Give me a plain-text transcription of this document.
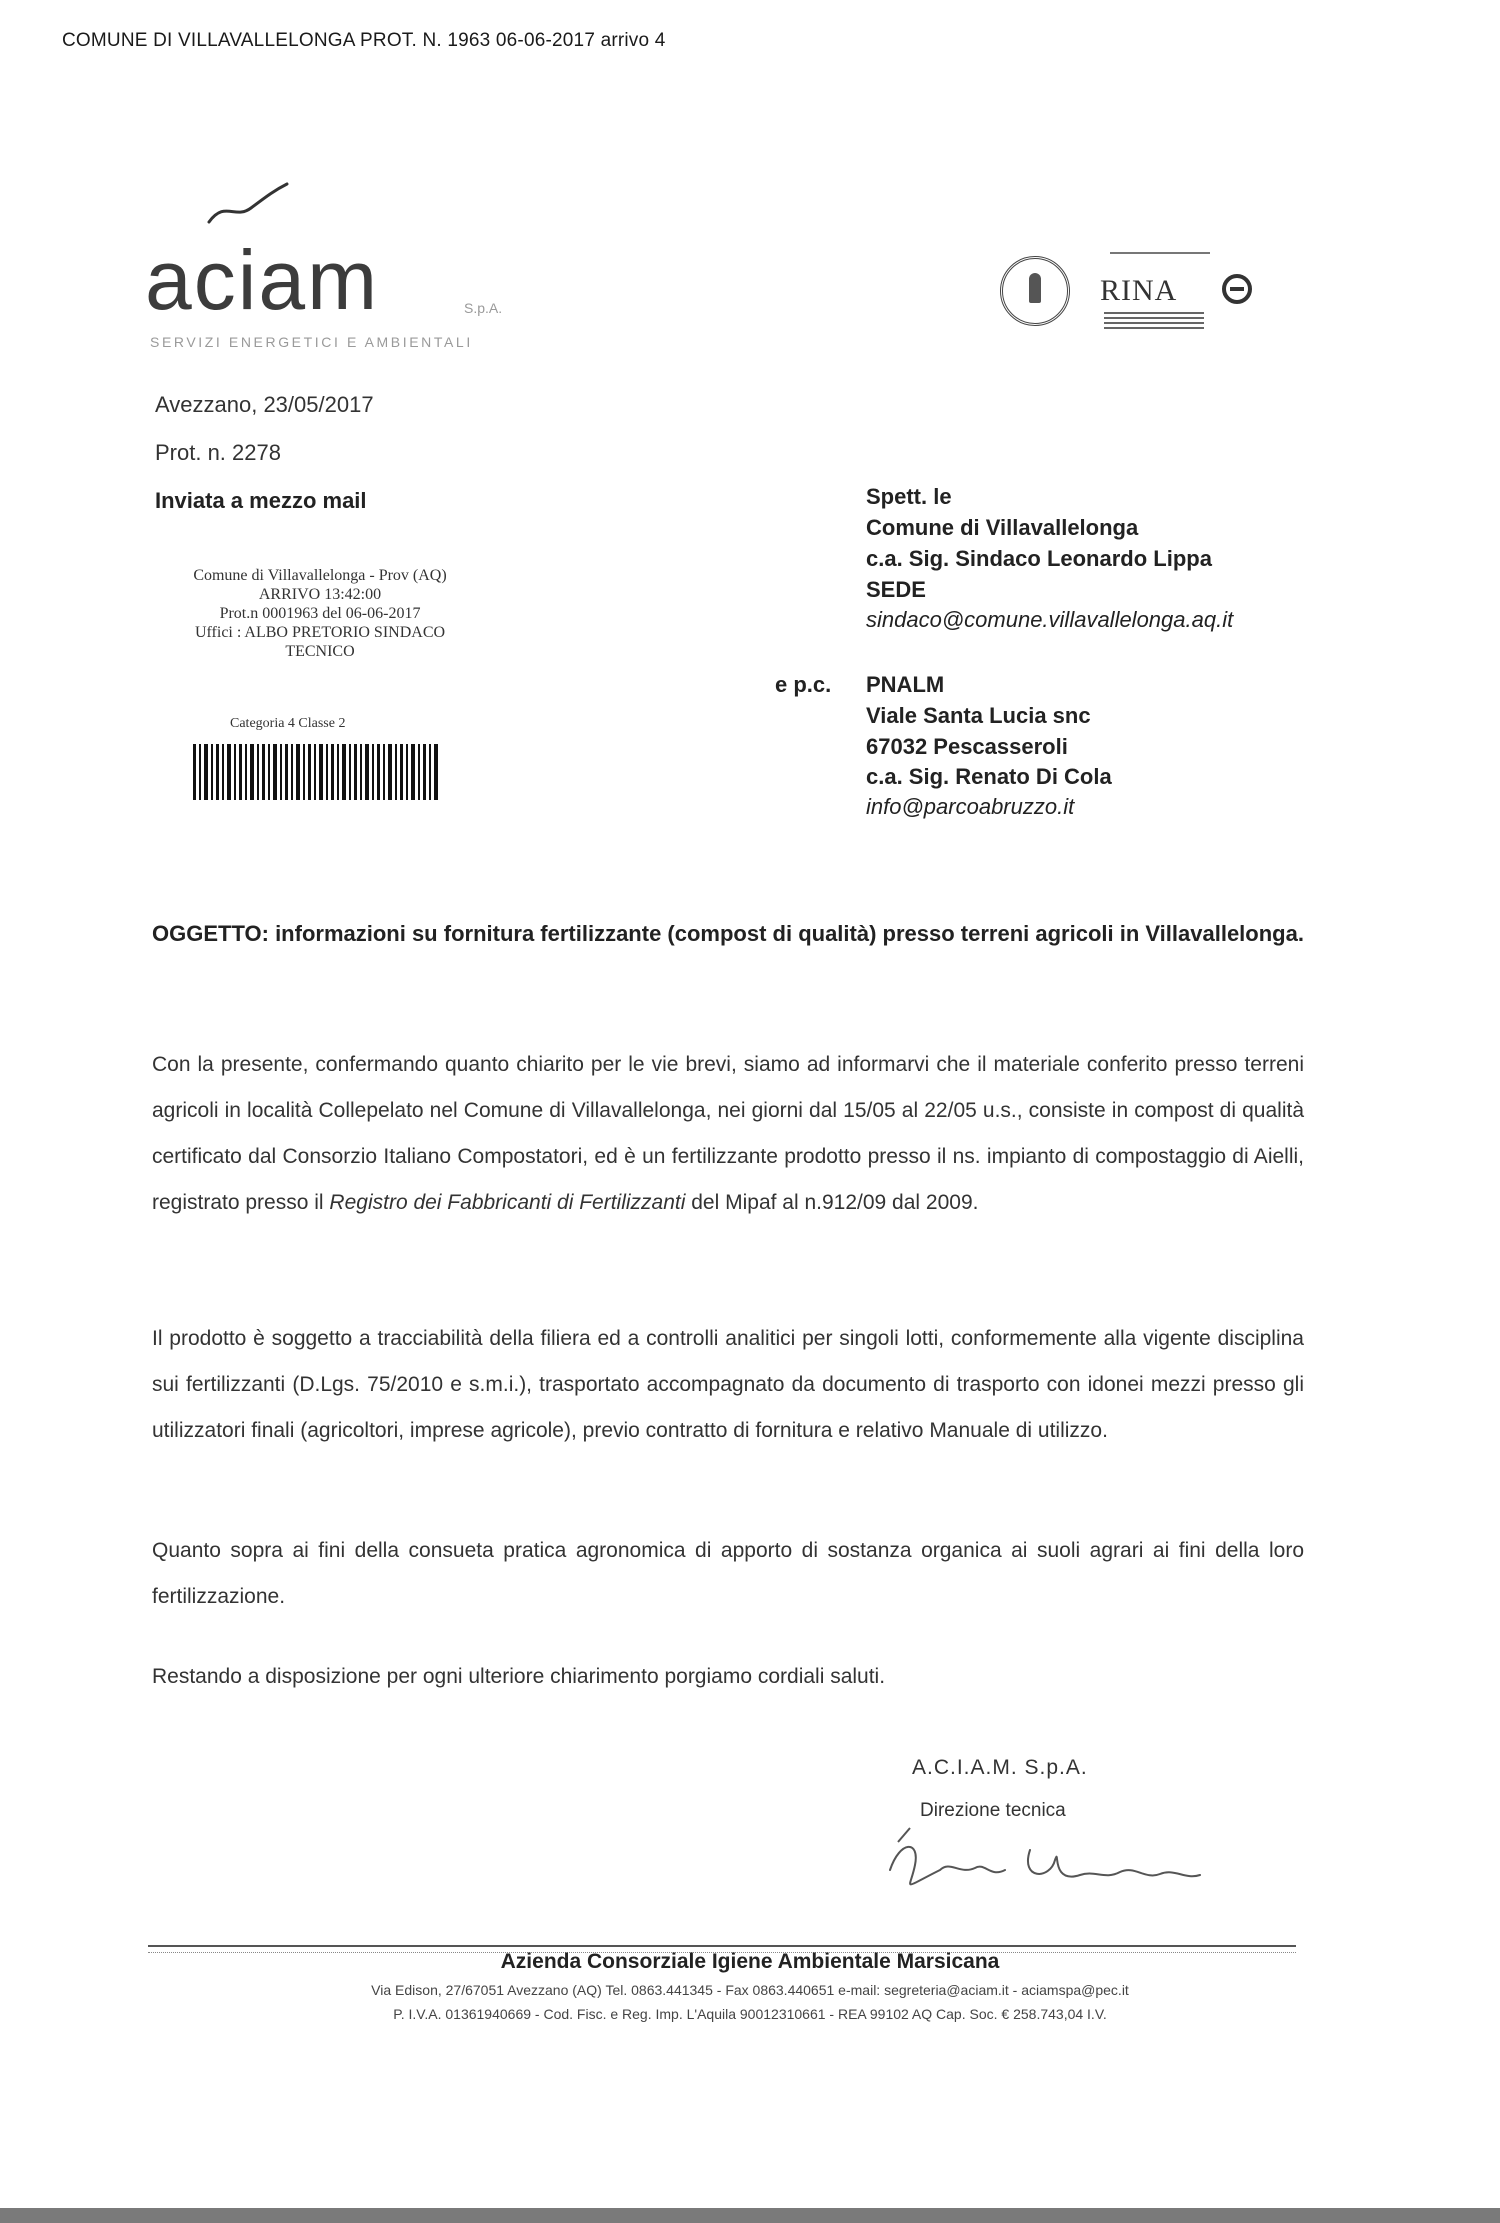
COMUNE DI VILLAVALLELONGA PROT. N. 1963 06-06-2017 arrivo 4
aciam	S.p.A.
SERVIZI ENERGETICI E AMBIENTALI
RINA
Avezzano, 23/05/2017
Prot. n. 2278
Inviata a mezzo mail
Comune di Villavallelonga - Prov (AQ)
ARRIVO 13:42:00
Prot.n 0001963 del 06-06-2017
Uffici : ALBO PRETORIO SINDACO
TECNICO
Categoria 4 Classe 2
Spett. le
Comune di Villavallelonga
c.a. Sig. Sindaco Leonardo Lippa
SEDE
sindaco@comune.villavallelonga.aq.it
e p.c. PNALM
Viale Santa Lucia snc
67032 Pescasseroli
c.a. Sig. Renato Di Cola
info@parcoabruzzo.it
OGGETTO: informazioni su fornitura fertilizzante (compost di qualità) presso terreni agricoli in Villavallelonga.
Con la presente, confermando quanto chiarito per le vie brevi, siamo ad informarvi che il materiale conferito presso terreni agricoli in località Collepelato nel Comune di Villavallelonga, nei giorni dal 15/05 al 22/05 u.s., consiste in compost di qualità certificato dal Consorzio Italiano Compostatori, ed è un fertilizzante prodotto presso il ns. impianto di compostaggio di Aielli, registrato presso il Registro dei Fabbricanti di Fertilizzanti del Mipaf al n.912/09 dal 2009.
Il prodotto è soggetto a tracciabilità della filiera ed a controlli analitici per singoli lotti, conformemente alla vigente disciplina sui fertilizzanti (D.Lgs. 75/2010 e s.m.i.), trasportato accompagnato da documento di trasporto con idonei mezzi presso gli utilizzatori finali (agricoltori, imprese agricole), previo contratto di fornitura e relativo Manuale di utilizzo.
Quanto sopra ai fini della consueta pratica agronomica di apporto di sostanza organica ai suoli agrari ai fini della loro fertilizzazione.
Restando a disposizione per ogni ulteriore chiarimento porgiamo cordiali saluti.
A.C.I.A.M. S.p.A.
Direzione tecnica
Azienda Consorziale Igiene Ambientale Marsicana
Via Edison, 27/67051 Avezzano (AQ) Tel. 0863.441345 - Fax 0863.440651 e-mail: segreteria@aciam.it - aciamspa@pec.it
P. I.V.A. 01361940669 - Cod. Fisc. e Reg. Imp. L'Aquila 90012310661 - REA 99102 AQ Cap. Soc. € 258.743,04 I.V.
